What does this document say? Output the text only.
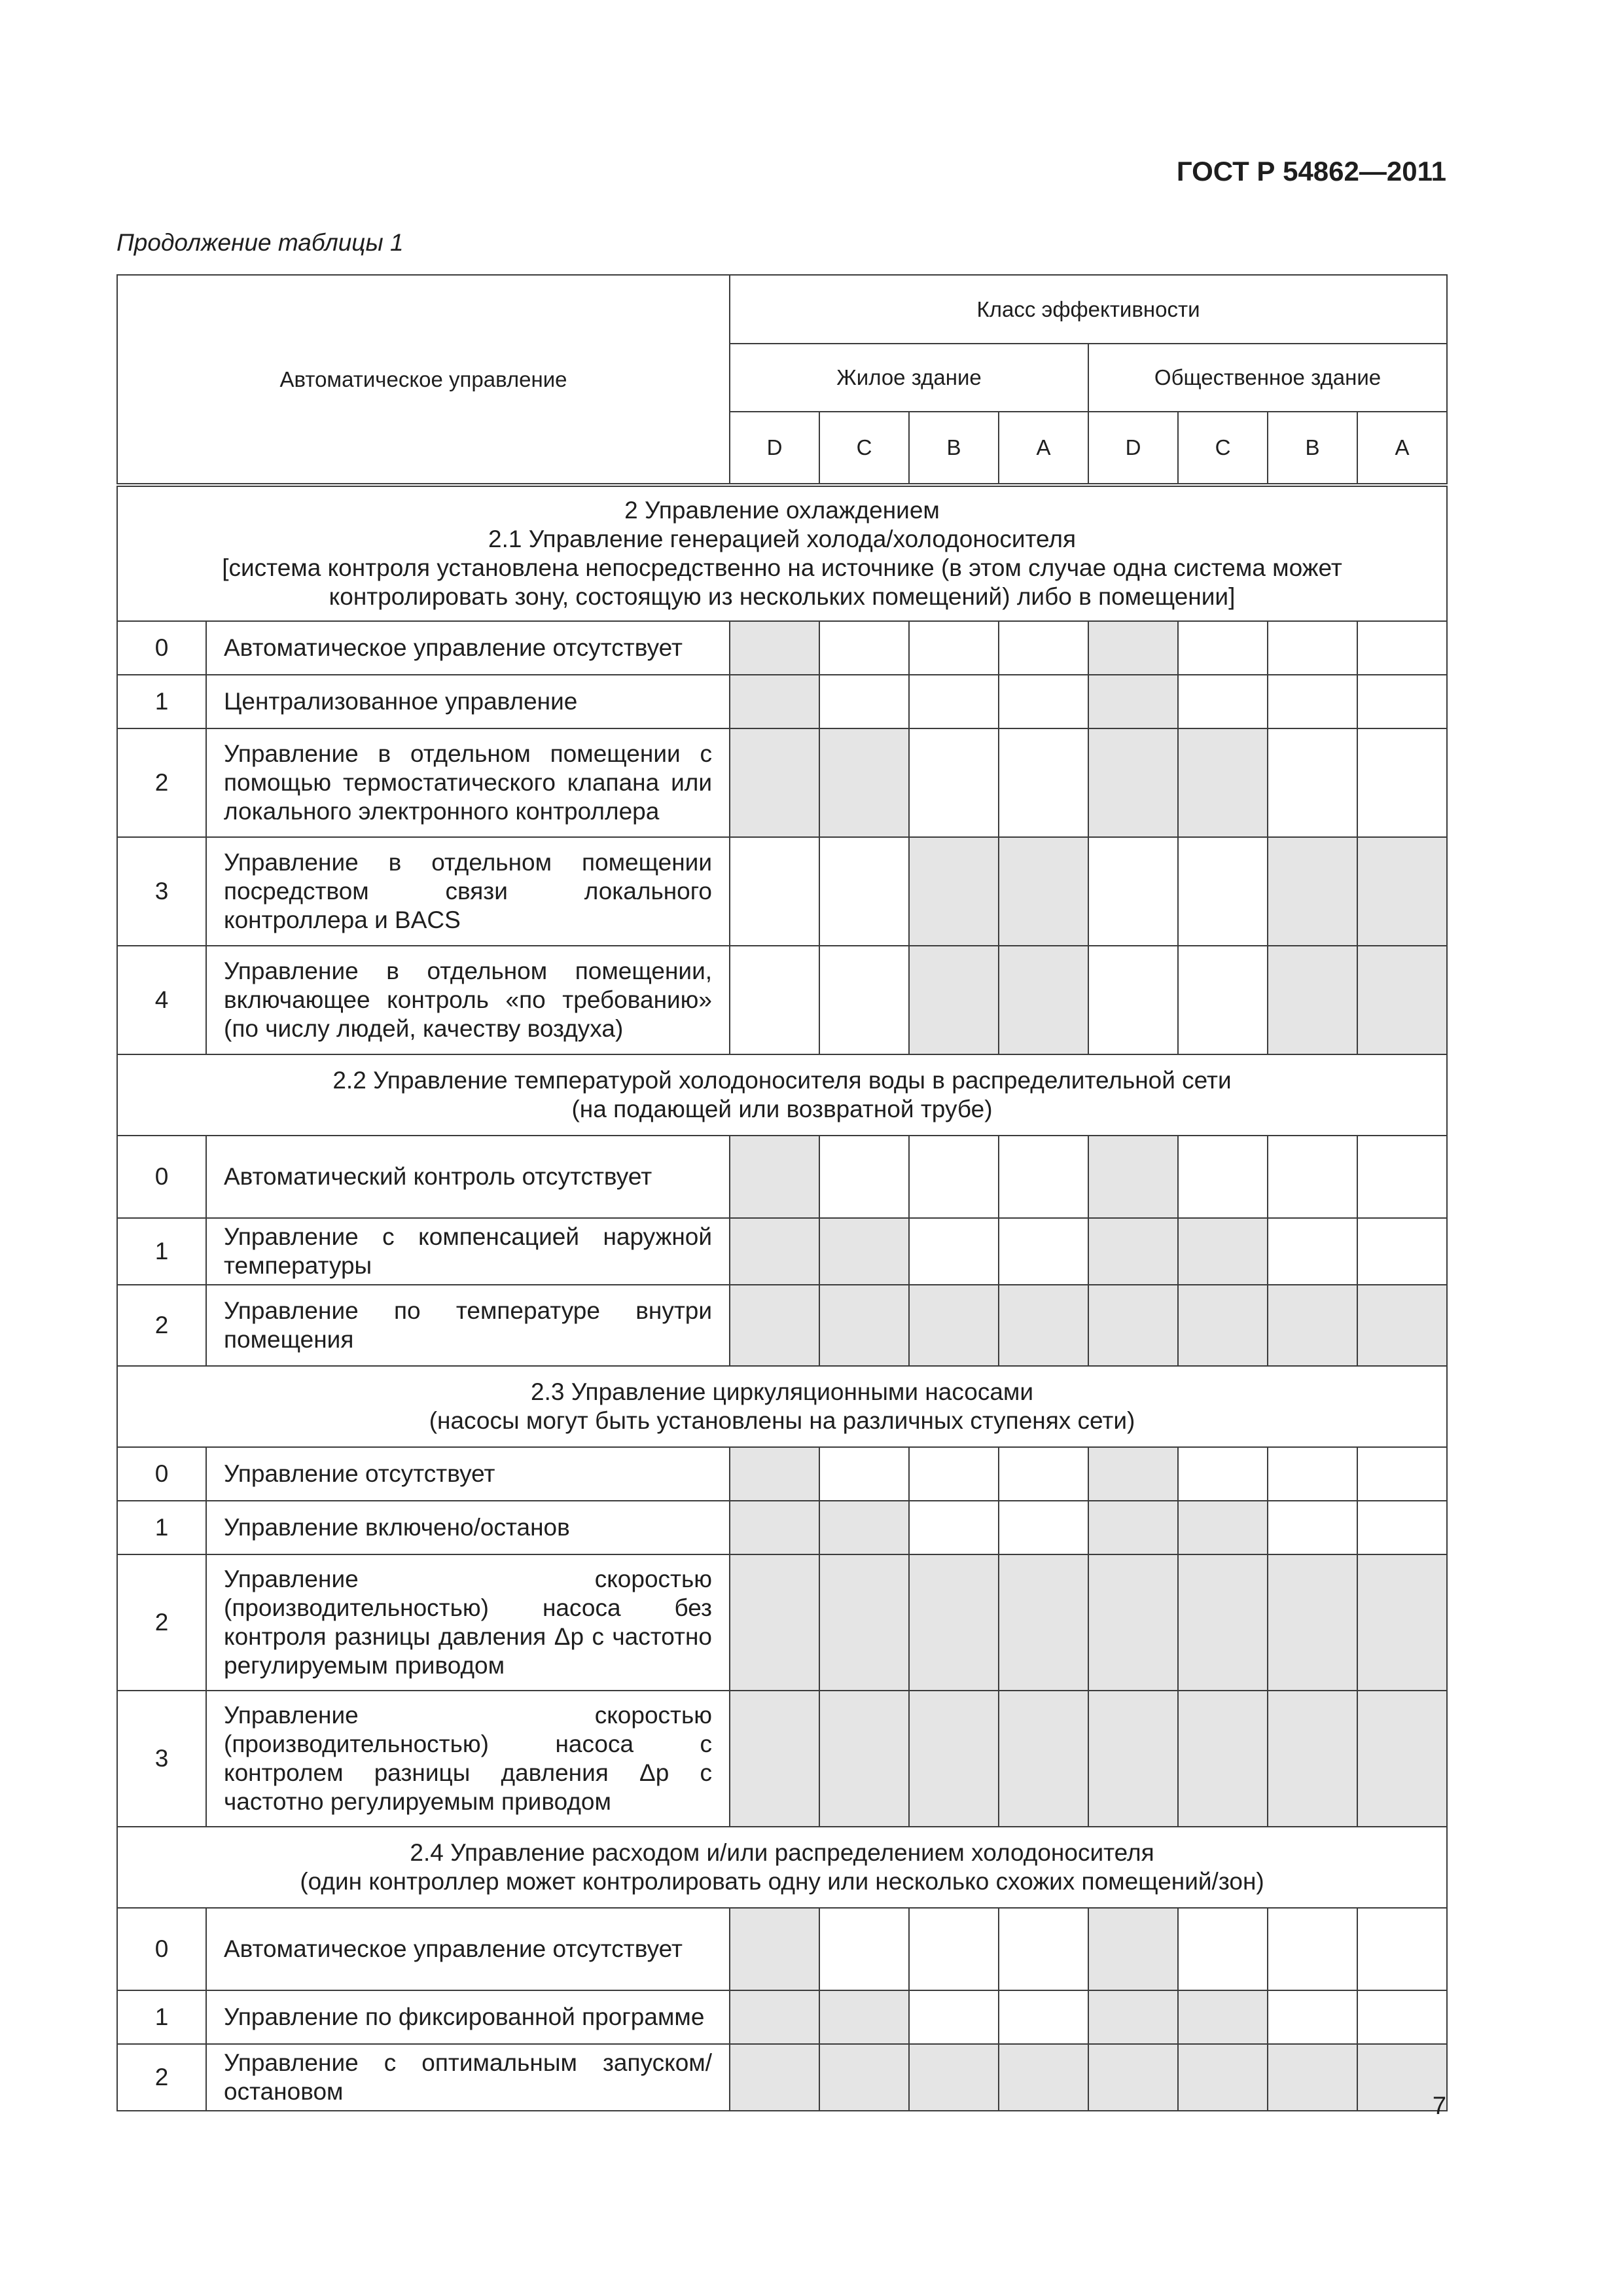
ГОСТ Р 54862—2011
Продолжение таблицы 1
Автоматическое управление		Класс эффективности							
		Жилое здание				Общественное здание			
		D	C	B	A	D	C	B	A

2 Управление охлаждением
2.1 Управление генерацией холода/холодоносителя
[система контроля установлена непосредственно на источнике (в этом случае одна система может
контролировать зону, состоящую из нескольких помещений) либо в помещении]									

0	Автоматическое управление отсутствует								
1	Централизованное управление								
2	Управление в отдельном помещении с помощью термостатического клапана или локального электронного контроллера								
3	Управление в отдельном помещении посредством связи локального контроллера и BACS								
4	Управление в отдельном помещении, включающее контроль «по требованию» (по числу людей, качеству воздуха)								

2.2 Управление температурой холодоносителя воды в распределительной сети
(на подающей или возвратной трубе)									

0	Автоматический контроль отсутствует								
1	Управление с компенсацией наружной температуры								
2	Управление по температуре внутри помещения								

2.3 Управление циркуляционными насосами
(насосы могут быть установлены на различных ступенях сети)									

0	Управление отсутствует								
1	Управление включено/останов								
2	Управление скоростью (производительностью) насоса без контроля разницы давления Δp с частотно регулируемым приводом								
3	Управление скоростью (производительностью) насоса с контролем разницы давления Δp с частотно регулируемым приводом								

2.4 Управление расходом и/или распределением холодоносителя
(один контроллер может контролировать одну или несколько схожих помещений/зон)									

0	Автоматическое управление отсутствует								
1	Управление по фиксированной программе								
2	Управление с оптимальным запуском/остановом								
7
